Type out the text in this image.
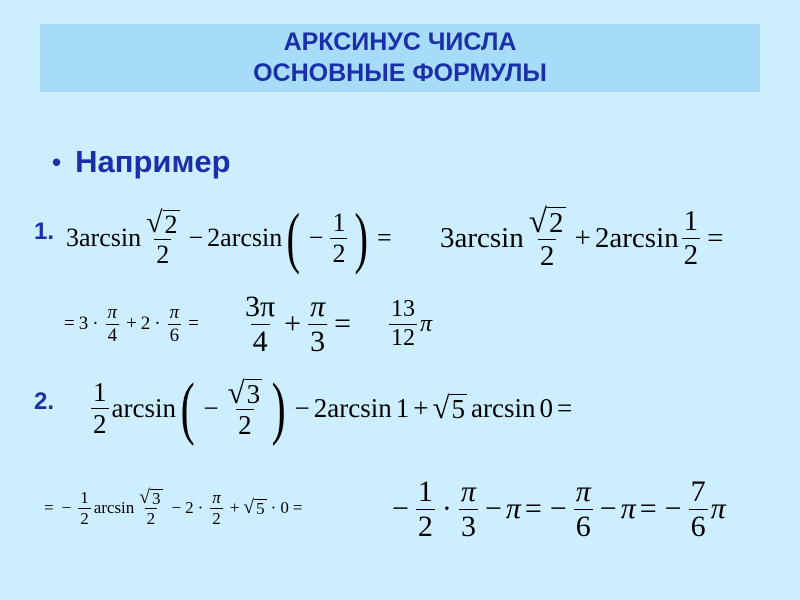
АРКСИНУС ЧИСЛА
ОСНОВНЫЕ ФОРМУЛЫ
• Например
1. 3 arcsin √ 2
2
− 2 arcsin ( − $\frac{1}{2}$ ) = 3 arcsin √ 2
2
+ 2 $\arcsin \frac{1}{2}$ =
= 3 ·
π
4
+ $2 \cdot \frac{\pi}{6}$ =
3π
4
+ $\frac{\pi}{3} = 13$
12
π
2. 1
2
arcsin ( − $\frac{√ 3}{2}$ ) − 2 arcsin 1 + √ 5 arcsin 0 =
= − $\frac{1}{2}$ arcsin √ 3
2
− 2 ·
π
2
+ √ 5 · 0 =	− $\frac{1}{2}$ ·
π
3
− π = − $\frac{\pi}{6} - \pi$ = − $\frac{7}{6}$ π
